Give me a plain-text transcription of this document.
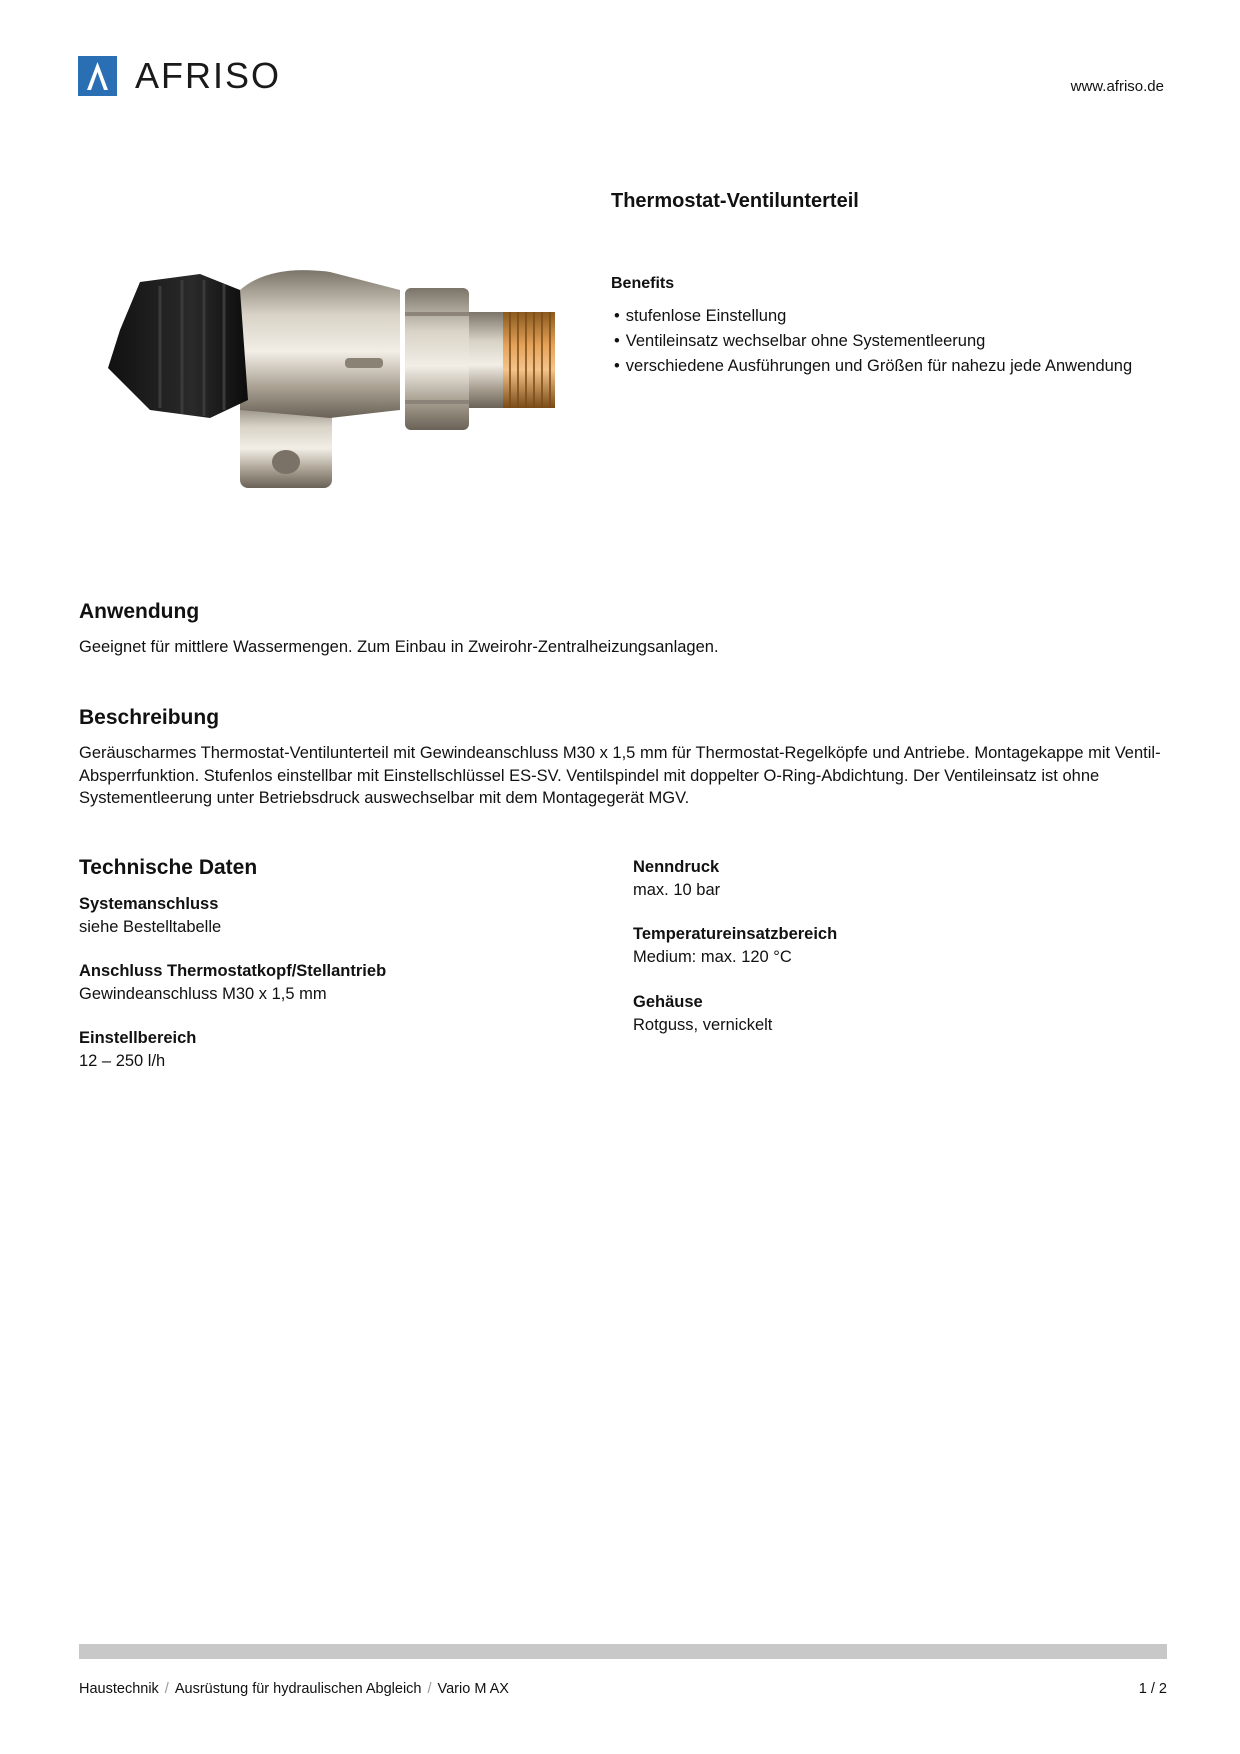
AFRISO	www.afriso.de
Thermostat-Ventilunterteil
Benefits
• stufenlose Einstellung
• Ventileinsatz wechselbar ohne Systementleerung
• verschiedene Ausführungen und Größen für nahezu jede Anwendung
Anwendung
Geeignet für mittlere Wassermengen. Zum Einbau in Zweirohr-Zentralheizungsanlagen.
Beschreibung
Geräuscharmes Thermostat-Ventilunterteil mit Gewindeanschluss M30 x 1,5 mm für Thermostat-Regelköpfe und Antriebe. Montagekappe mit Ventil-Absperrfunktion. Stufenlos einstellbar mit Einstellschlüssel ES-SV. Ventilspindel mit doppelter O-Ring-Abdichtung. Der Ventileinsatz ist ohne Systementleerung unter Betriebsdruck auswechselbar mit dem Montagegerät MGV.
Technische Daten
Systemanschluss
siehe Bestelltabelle
Anschluss Thermostatkopf/Stellantrieb
Gewindeanschluss M30 x 1,5 mm
Einstellbereich
12 – 250 l/h
Nenndruck
max. 10 bar
Temperatureinsatzbereich
Medium: max. 120 °C
Gehäuse
Rotguss, vernickelt
Haustechnik / Ausrüstung für hydraulischen Abgleich / Vario M AX	1 / 2
